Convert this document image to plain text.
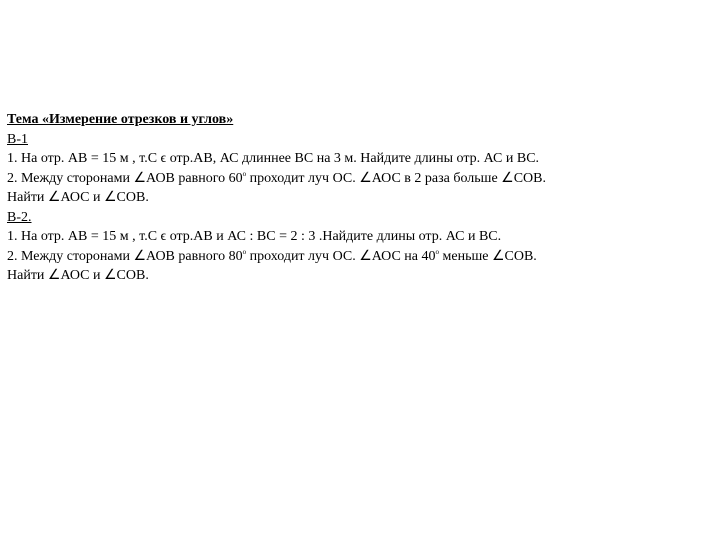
Тема «Измерение отрезков и углов»
В-1
1. На отр. АВ = 15 м , т.С ϵ отр.АВ, АС длиннее ВС на 3 м. Найдите длины отр. АС и ВС.
2. Между сторонами ∠АОВ равного $60^о$ проходит луч ОС. ∠АОС в 2 раза больше ∠СОВ.
Найти ∠АОС и ∠СОВ.
В-2.
1. На отр. АВ = 15 м , т.С ϵ отр.АВ и АС : ВС = 2 : 3 .Найдите длины отр. АС и ВС.
2. Между сторонами ∠АОВ равного $80^о$ проходит луч ОС. ∠АОС на $40^о$ меньше ∠СОВ.
Найти ∠АОС и ∠СОВ.
